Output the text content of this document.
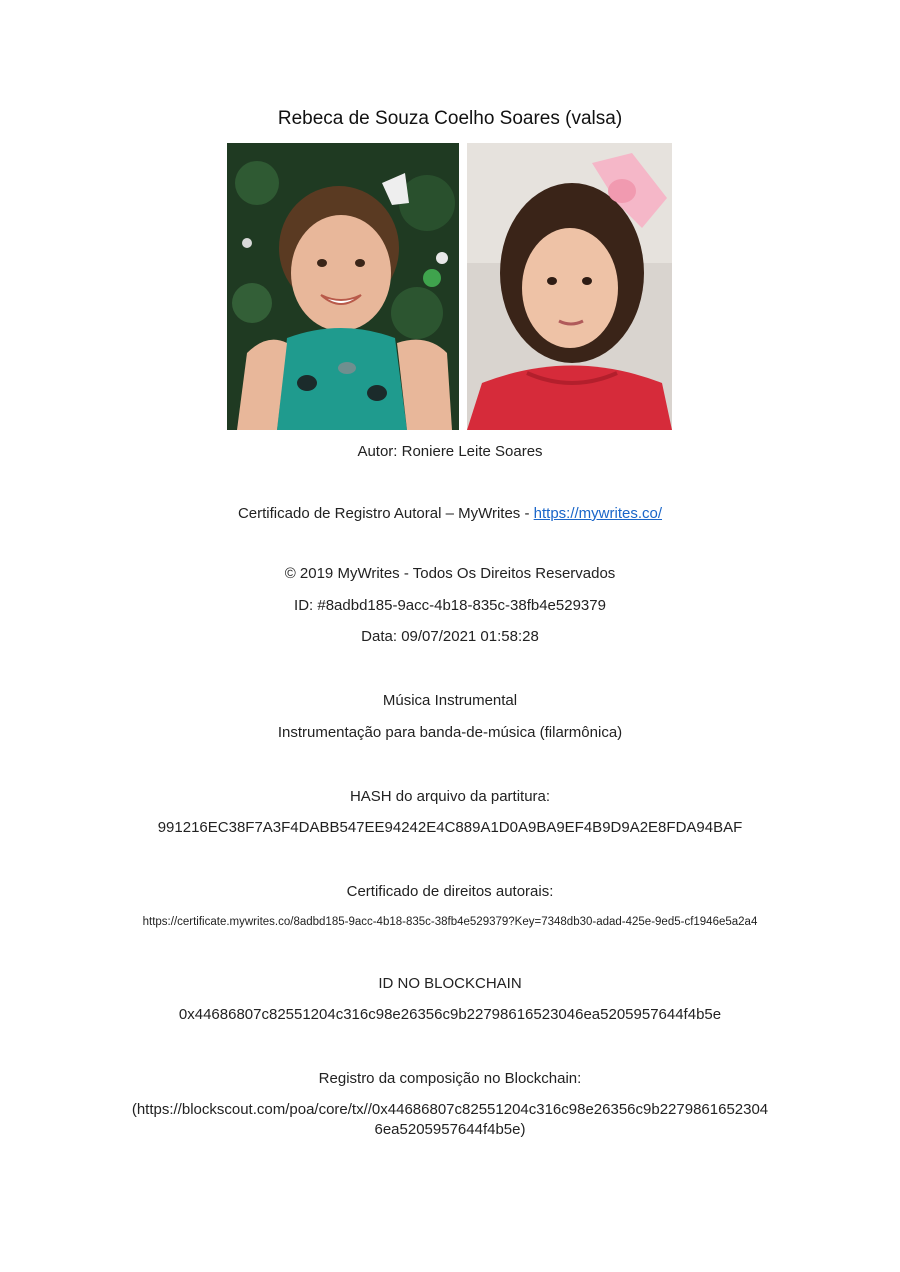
Rebeca de Souza Coelho Soares (valsa)
Autor: Roniere Leite Soares
Certificado de Registro Autoral – MyWrites - https://mywrites.co/
© 2019 MyWrites - Todos Os Direitos Reservados
ID: #8adbd185-9acc-4b18-835c-38fb4e529379
Data: 09/07/2021 01:58:28
Música Instrumental
Instrumentação para banda-de-música (filarmônica)
HASH do arquivo da partitura:
991216EC38F7A3F4DABB547EE94242E4C889A1D0A9BA9EF4B9D9A2E8FDA94BAF
Certificado de direitos autorais:
https://certificate.mywrites.co/8adbd185-9acc-4b18-835c-38fb4e529379?Key=7348db30-adad-425e-9ed5-cf1946e5a2a4
ID NO BLOCKCHAIN
0x44686807c82551204c316c98e26356c9b22798616523046ea5205957644f4b5e
Registro da composição no Blockchain:
(https://blockscout.com/poa/core/tx//0x44686807c82551204c316c98e26356c9b2279861652304
6ea5205957644f4b5e)
